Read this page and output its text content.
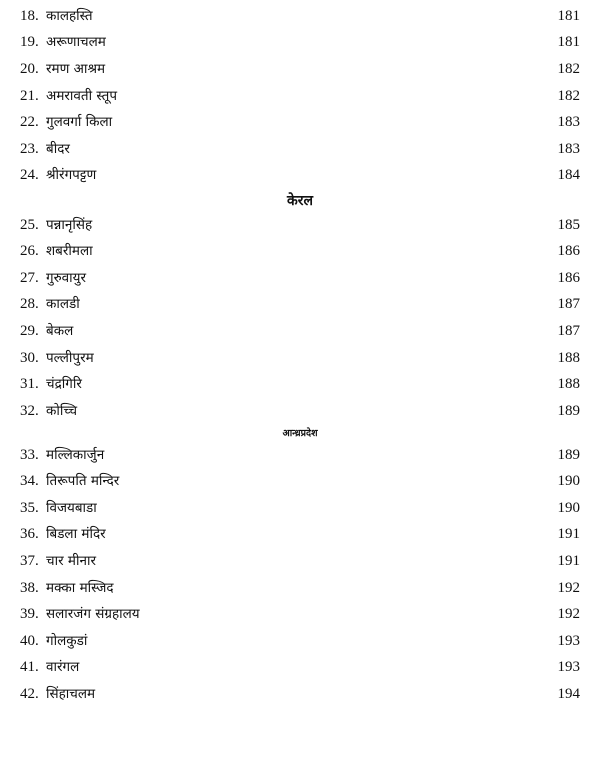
18. कालहस्ति	181
19. अरूणाचलम	181
20. रमण आश्रम	182
21. अमरावती स्तूप	182
22. गुलवर्गा किला	183
23. बीदर	183
24. श्रीरंगपट्टण	184
केरल
25. पन्नानृसिंह	185
26. शबरीमला	186
27. गुरुवायुर	186
28. कालडी	187
29. बेकल	187
30. पल्लीपुरम	188
31. चंद्रगिरि	188
32. कोच्चि	189
आन्ध्रप्रदेश
33. मल्लिकार्जुन	189
34. तिरूपति मन्दिर	190
35. विजयबाडा	190
36. बिडला मंदिर	191
37. चार मीनार	191
38. मक्का मस्जिद	192
39. सलारजंग संग्रहालय	192
40. गोलकुडां	193
41. वारंगल	193
42. सिंहाचलम	194
